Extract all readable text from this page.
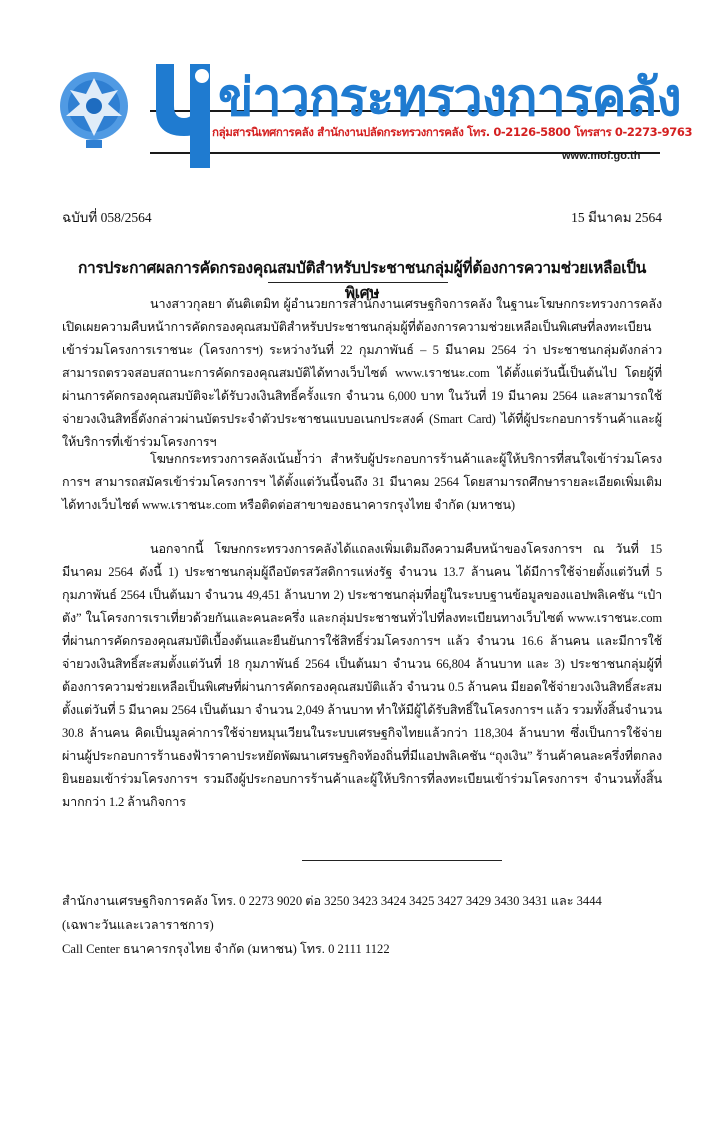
ข่าวกระทรวงการคลัง
กลุ่มสารนิเทศการคลัง สำนักงานปลัดกระทรวงการคลัง โทร. 0-2126-5800 โทรสาร 0-2273-9763
www.mof.go.th
ฉบับที่ 058/2564	15 มีนาคม 2564
การประกาศผลการคัดกรองคุณสมบัติสำหรับประชาชนกลุ่มผู้ที่ต้องการความช่วยเหลือเป็นพิเศษ

นางสาวกุลยา ตันติเตมิท ผู้อำนวยการสำนักงานเศรษฐกิจการคลัง ในฐานะโฆษกกระทรวงการคลัง เปิดเผยความคืบหน้าการคัดกรองคุณสมบัติสำหรับประชาชนกลุ่มผู้ที่ต้องการความช่วยเหลือเป็นพิเศษที่ลงทะเบียนเข้าร่วมโครงการเราชนะ (โครงการฯ) ระหว่างวันที่ 22 กุมภาพันธ์ – 5 มีนาคม 2564 ว่า ประชาชนกลุ่มดังกล่าวสามารถตรวจสอบสถานะการคัดกรองคุณสมบัติได้ทางเว็บไซต์ www.เราชนะ.com ได้ตั้งแต่วันนี้เป็นต้นไป โดยผู้ที่ผ่านการคัดกรองคุณสมบัติจะได้รับวงเงินสิทธิ์ครั้งแรก จำนวน 6,000 บาท ในวันที่ 19 มีนาคม 2564 และสามารถใช้จ่ายวงเงินสิทธิ์ดังกล่าวผ่านบัตรประจำตัวประชาชนแบบอเนกประสงค์ (Smart Card) ได้ที่ผู้ประกอบการร้านค้าและผู้ให้บริการที่เข้าร่วมโครงการฯ

โฆษกกระทรวงการคลังเน้นย้ำว่า สำหรับผู้ประกอบการร้านค้าและผู้ให้บริการที่สนใจเข้าร่วมโครงการฯ สามารถสมัครเข้าร่วมโครงการฯ ได้ตั้งแต่วันนี้จนถึง 31 มีนาคม 2564 โดยสามารถศึกษารายละเอียดเพิ่มเติมได้ทางเว็บไซต์ www.เราชนะ.com หรือติดต่อสาขาของธนาคารกรุงไทย จำกัด (มหาชน)

นอกจากนี้ โฆษกกระทรวงการคลังได้แถลงเพิ่มเติมถึงความคืบหน้าของโครงการฯ ณ วันที่ 15 มีนาคม 2564 ดังนี้ 1) ประชาชนกลุ่มผู้ถือบัตรสวัสดิการแห่งรัฐ จำนวน 13.7 ล้านคน ได้มีการใช้จ่ายตั้งแต่วันที่ 5 กุมภาพันธ์ 2564 เป็นต้นมา จำนวน 49,451 ล้านบาท 2) ประชาชนกลุ่มที่อยู่ในระบบฐานข้อมูลของแอปพลิเคชัน “เป๋าตัง” ในโครงการเราเที่ยวด้วยกันและคนละครึ่ง และกลุ่มประชาชนทั่วไปที่ลงทะเบียนทางเว็บไซต์ www.เราชนะ.com ที่ผ่านการคัดกรองคุณสมบัติเบื้องต้นและยืนยันการใช้สิทธิ์ร่วมโครงการฯ แล้ว จำนวน 16.6 ล้านคน และมีการใช้จ่ายวงเงินสิทธิ์สะสมตั้งแต่วันที่ 18 กุมภาพันธ์ 2564 เป็นต้นมา จำนวน 66,804 ล้านบาท และ 3) ประชาชนกลุ่มผู้ที่ต้องการความช่วยเหลือเป็นพิเศษที่ผ่านการคัดกรองคุณสมบัติแล้ว จำนวน 0.5 ล้านคน มียอดใช้จ่ายวงเงินสิทธิ์สะสมตั้งแต่วันที่ 5 มีนาคม 2564 เป็นต้นมา จำนวน 2,049 ล้านบาท ทำให้มีผู้ได้รับสิทธิ์ในโครงการฯ แล้ว รวมทั้งสิ้นจำนวน 30.8 ล้านคน คิดเป็นมูลค่าการใช้จ่ายหมุนเวียนในระบบเศรษฐกิจไทยแล้วกว่า 118,304 ล้านบาท ซึ่งเป็นการใช้จ่ายผ่านผู้ประกอบการร้านธงฟ้าราคาประหยัดพัฒนาเศรษฐกิจท้องถิ่นที่มีแอปพลิเคชัน “ถุงเงิน” ร้านค้าคนละครึ่งที่ตกลงยินยอมเข้าร่วมโครงการฯ รวมถึงผู้ประกอบการร้านค้าและผู้ให้บริการที่ลงทะเบียนเข้าร่วมโครงการฯ จำนวนทั้งสิ้นมากกว่า 1.2 ล้านกิจการ

สำนักงานเศรษฐกิจการคลัง โทร. 0 2273 9020 ต่อ 3250 3423 3424 3425 3427 3429 3430 3431 และ 3444
(เฉพาะวันและเวลาราชการ)
Call Center ธนาคารกรุงไทย จำกัด (มหาชน) โทร. 0 2111 1122
